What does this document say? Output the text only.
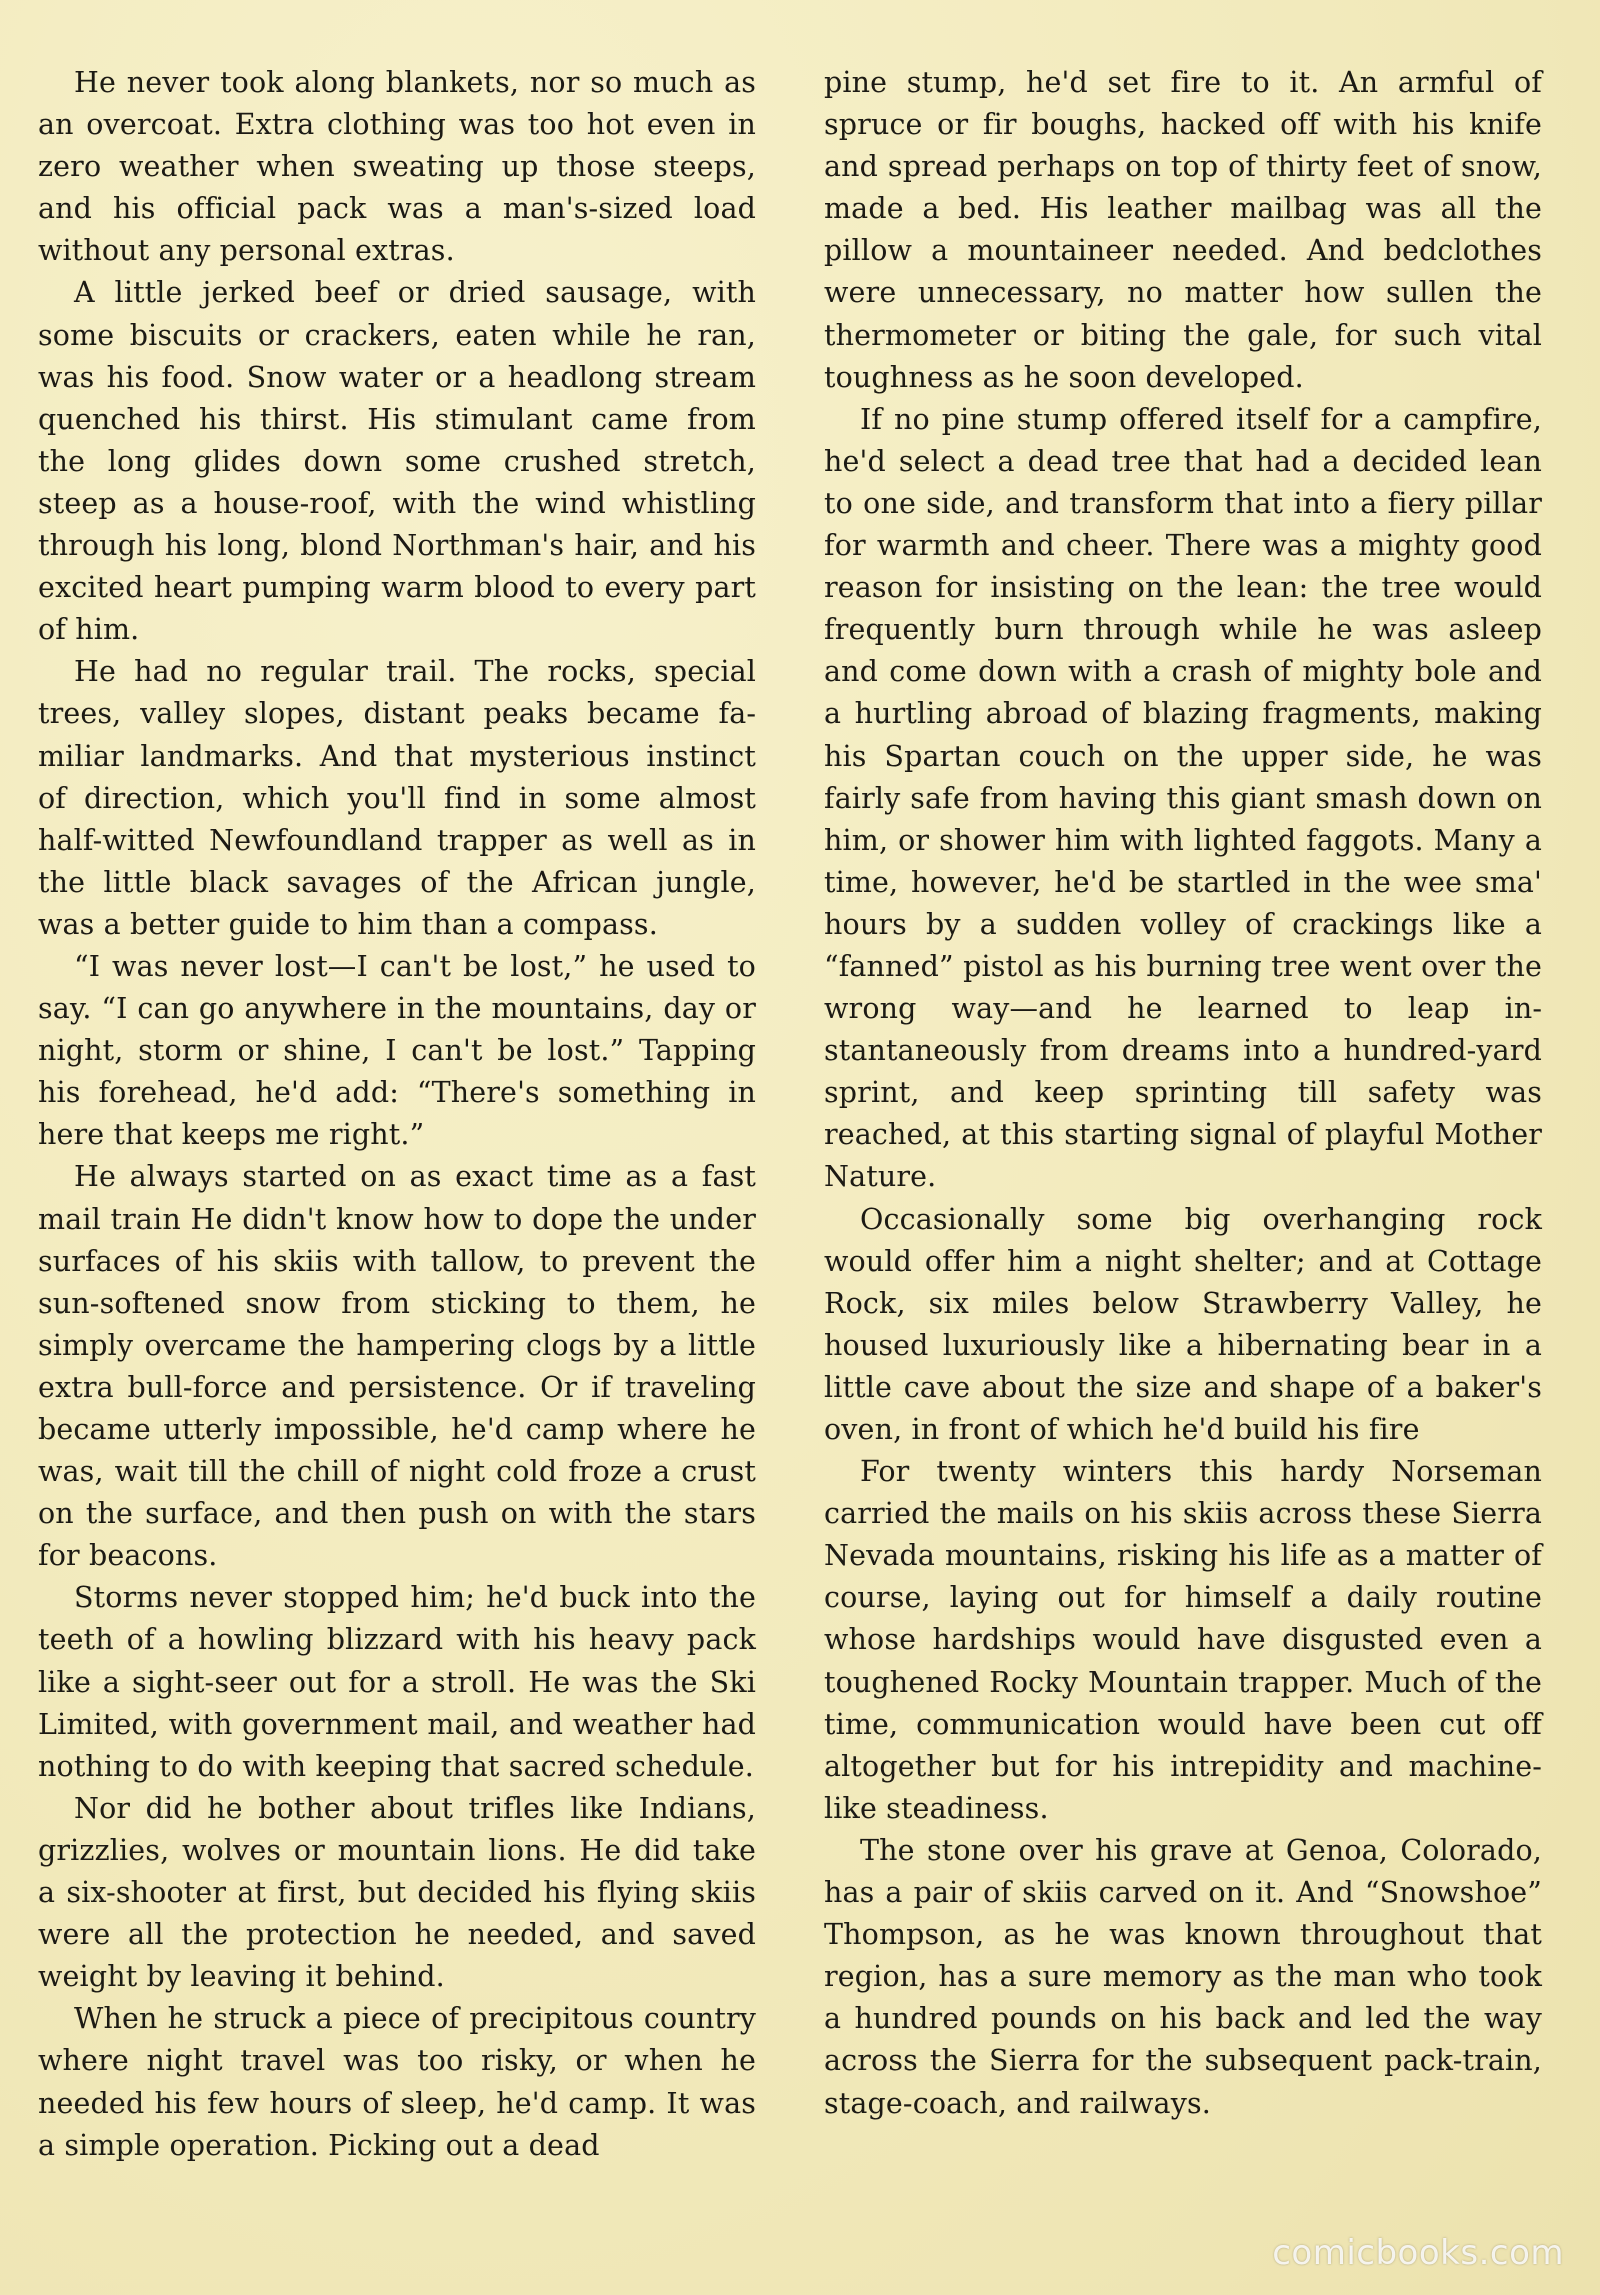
He never took along blankets, nor so much as an overcoat. Extra clothing was too hot even in zero weather when sweating up those steeps, and his official pack was a man's-sized load without any personal extras.

A little jerked beef or dried sausage, with some biscuits or crackers, eaten while he ran, was his food. Snow water or a headlong stream quenched his thirst. His stimulant came from the long glides down some crushed stretch, steep as a house-roof, with the wind whistling through his long, blond Northman's hair, and his excited heart pumping warm blood to every part of him.

He had no regular trail. The rocks, special trees, valley slopes, distant peaks became familiar landmarks. And that mysterious instinct of direction, which you'll find in some almost half-witted Newfoundland trapper as well as in the little black savages of the African jungle, was a better guide to him than a compass.

“I was never lost—I can't be lost,” he used to say. “I can go anywhere in the mountains, day or night, storm or shine, I can't be lost.” Tapping his forehead, he'd add: “There's something in here that keeps me right.”

He always started on as exact time as a fast mail train He didn't know how to dope the under surfaces of his skiis with tallow, to prevent the sun-softened snow from sticking to them, he simply overcame the hampering clogs by a little extra bull-force and persistence. Or if traveling became utterly impossible, he'd camp where he was, wait till the chill of night cold froze a crust on the surface, and then push on with the stars for beacons.

Storms never stopped him; he'd buck into the teeth of a howling blizzard with his heavy pack like a sight-seer out for a stroll. He was the Ski Limited, with government mail, and weather had nothing to do with keeping that sacred schedule.

Nor did he bother about trifles like Indians, grizzlies, wolves or mountain lions. He did take a six-shooter at first, but decided his flying skiis were all the protection he needed, and saved weight by leaving it behind.

When he struck a piece of precipitous country where night travel was too risky, or when he needed his few hours of sleep, he'd camp. It was a simple operation. Picking out a dead

pine stump, he'd set fire to it. An armful of spruce or fir boughs, hacked off with his knife and spread perhaps on top of thirty feet of snow, made a bed. His leather mailbag was all the pillow a mountaineer needed. And bedclothes were unnecessary, no matter how sullen the thermometer or biting the gale, for such vital toughness as he soon developed.

If no pine stump offered itself for a campfire, he'd select a dead tree that had a decided lean to one side, and transform that into a fiery pillar for warmth and cheer. There was a mighty good reason for insisting on the lean: the tree would frequently burn through while he was asleep and come down with a crash of mighty bole and a hurtling abroad of blazing fragments, making his Spartan couch on the upper side, he was fairly safe from having this giant smash down on him, or shower him with lighted faggots. Many a time, however, he'd be startled in the wee sma' hours by a sudden volley of crackings like a “fanned” pistol as his burning tree went over the wrong way—and he learned to leap instantaneously from dreams into a hundred-yard sprint, and keep sprinting till safety was reached, at this starting signal of playful Mother Nature.

Occasionally some big overhanging rock would offer him a night shelter; and at Cottage Rock, six miles below Strawberry Valley, he housed luxuriously like a hibernating bear in a little cave about the size and shape of a baker's oven, in front of which he'd build his fire

For twenty winters this hardy Norseman carried the mails on his skiis across these Sierra Nevada mountains, risking his life as a matter of course, laying out for himself a daily routine whose hardships would have disgusted even a toughened Rocky Mountain trapper. Much of the time, communication would have been cut off altogether but for his intrepidity and machine-like steadiness.

The stone over his grave at Genoa, Colorado, has a pair of skiis carved on it. And “Snowshoe” Thompson, as he was known throughout that region, has a sure memory as the man who took a hundred pounds on his back and led the way across the Sierra for the subsequent pack-train, stage-coach, and railways.

comicbooks.com
